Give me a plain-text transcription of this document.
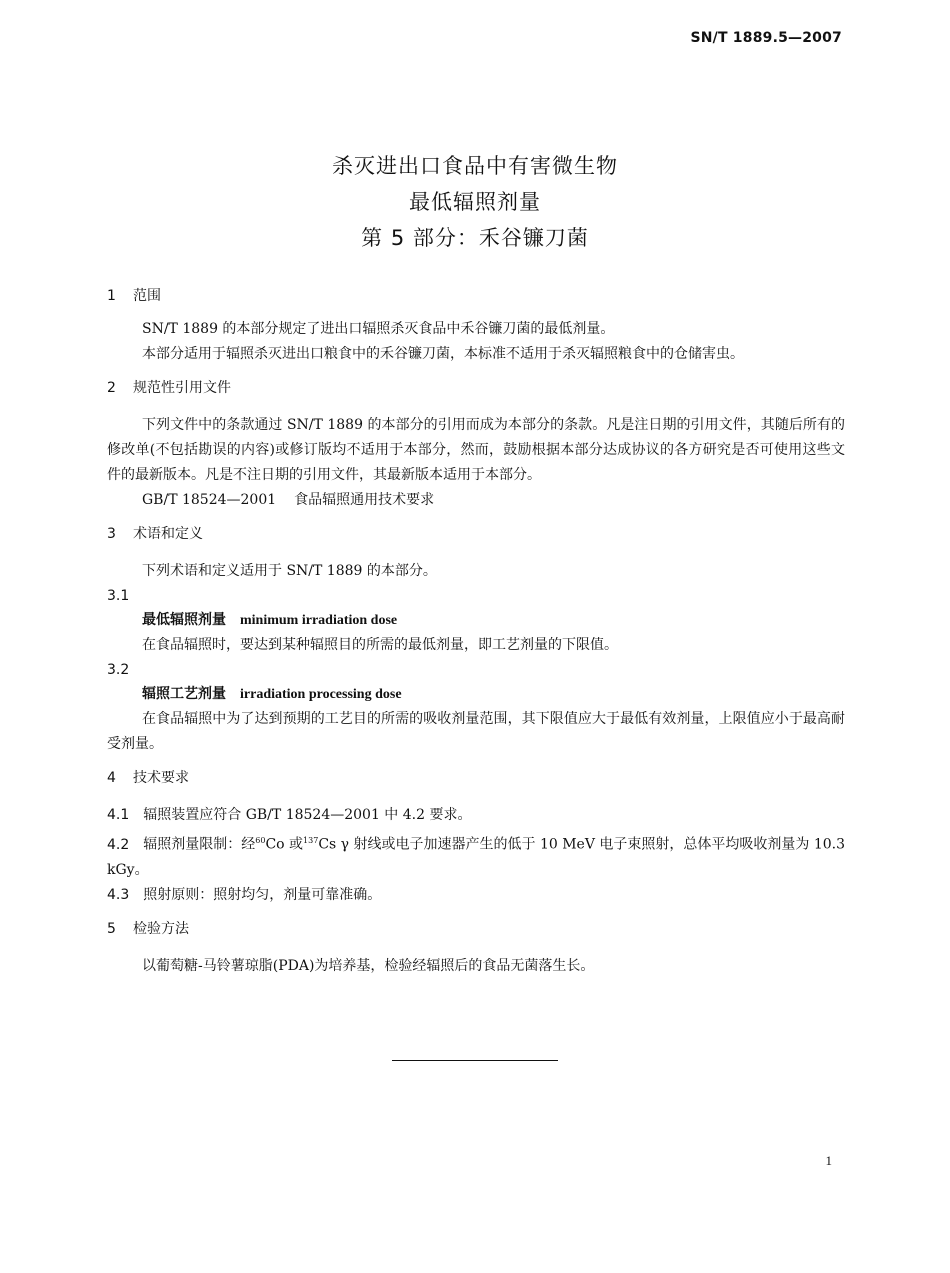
SN/T 1889.5—2007
杀灭进出口食品中有害微生物
最低辐照剂量
第 5 部分：禾谷镰刀菌

1 范围

SN/T 1889 的本部分规定了进出口辐照杀灭食品中禾谷镰刀菌的最低剂量。

本部分适用于辐照杀灭进出口粮食中的禾谷镰刀菌，本标准不适用于杀灭辐照粮食中的仓储害虫。

2 规范性引用文件

下列文件中的条款通过 SN/T 1889 的本部分的引用而成为本部分的条款。凡是注日期的引用文件，其随后所有的修改单(不包括勘误的内容)或修订版均不适用于本部分，然而，鼓励根据本部分达成协议的各方研究是否可使用这些文件的最新版本。凡是不注日期的引用文件，其最新版本适用于本部分。

GB/T 18524—2001 食品辐照通用技术要求

3 术语和定义

下列术语和定义适用于 SN/T 1889 的本部分。

3.1

最低辐照剂量 minimum irradiation dose

在食品辐照时，要达到某种辐照目的所需的最低剂量，即工艺剂量的下限值。

3.2

辐照工艺剂量 irradiation processing dose

在食品辐照中为了达到预期的工艺目的所需的吸收剂量范围，其下限值应大于最低有效剂量，上限值应小于最高耐受剂量。

4 技术要求

4.1 辐照装置应符合 GB/T 18524—2001 中 4.2 要求。

4.2 辐照剂量限制：经$^{60}$Co 或$^{137}$Cs γ 射线或电子加速器产生的低于 10 MeV 电子束照射，总体平均吸收剂量为 10.3 kGy。

4.3 照射原则：照射均匀，剂量可靠准确。

5 检验方法

以葡萄糖-马铃薯琼脂(PDA)为培养基，检验经辐照后的食品无菌落生长。

1
